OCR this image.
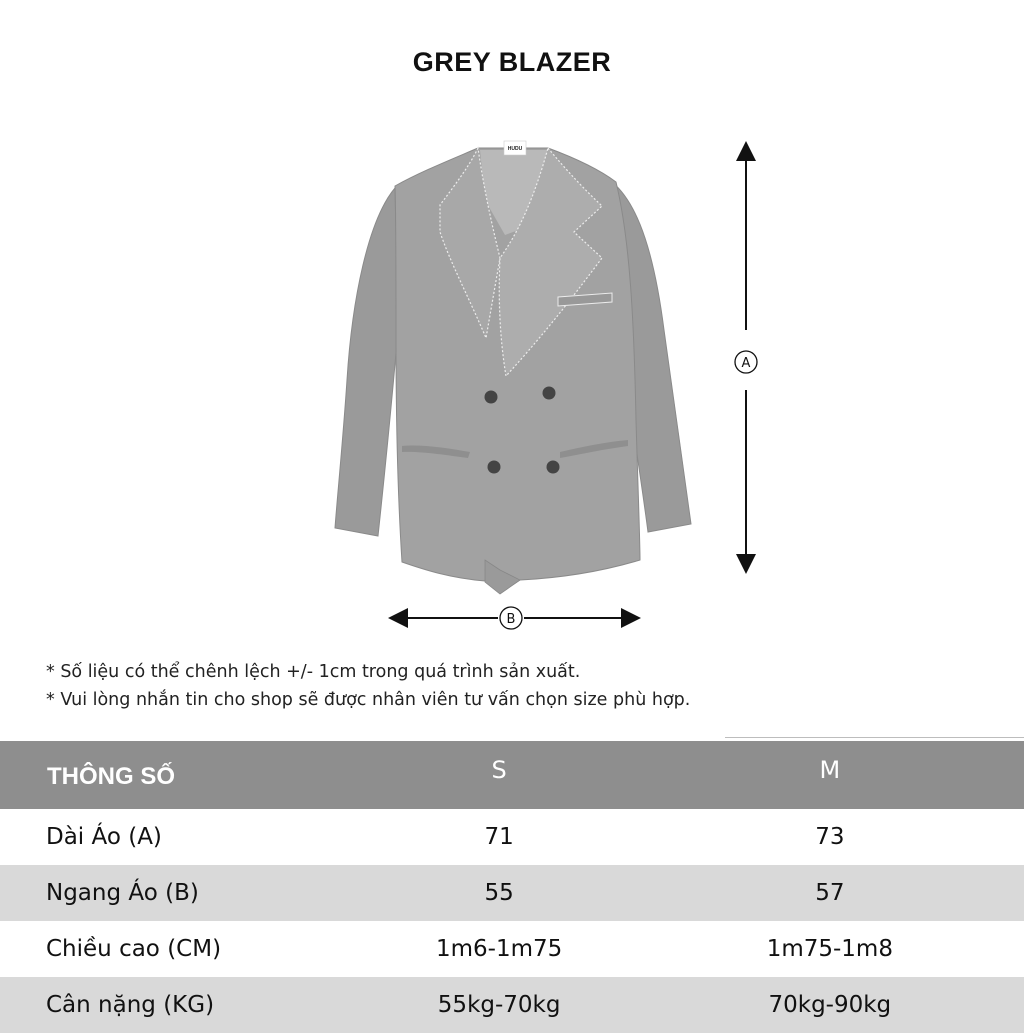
GREY BLAZER
HUDU
A
B
* Số liệu có thể chênh lệch +/- 1cm trong quá trình sản xuất.
* Vui lòng nhắn tin cho shop sẽ được nhân viên tư vấn chọn size phù hợp.
THÔNG SỐ	S	M
Dài Áo (A)	71	73
Ngang Áo (B)	55	57
Chiều cao (CM)	1m6-1m75	1m75-1m8
Cân nặng (KG)	55kg-70kg	70kg-90kg
